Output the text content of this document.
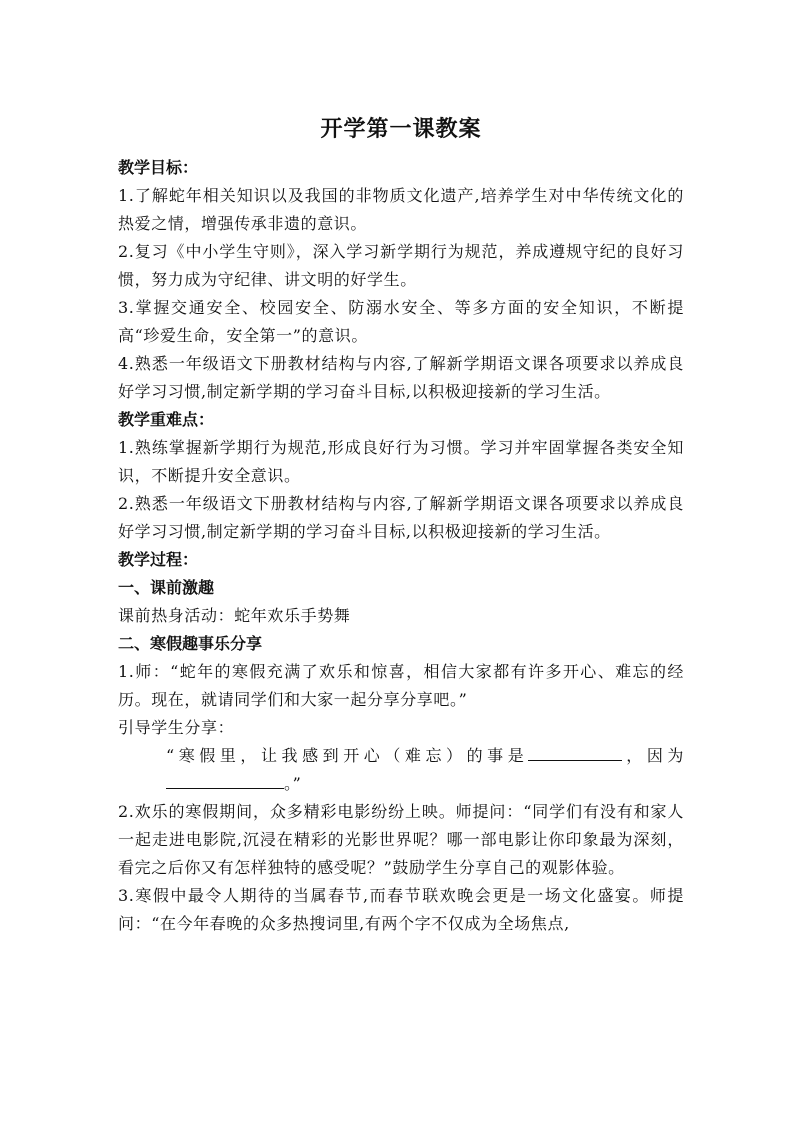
开学第一课教案
教学目标：

1.了解蛇年相关知识以及我国的非物质文化遗产,培养学生对中华传统文化的热爱之情，增强传承非遗的意识。

2.复习《中小学生守则》，深入学习新学期行为规范，养成遵规守纪的良好习惯，努力成为守纪律、讲文明的好学生。

3.掌握交通安全、校园安全、防溺水安全、等多方面的安全知识，不断提高“珍爱生命，安全第一”的意识。

4.熟悉一年级语文下册教材结构与内容,了解新学期语文课各项要求以养成良好学习习惯,制定新学期的学习奋斗目标,以积极迎接新的学习生活。

教学重难点：

1.熟练掌握新学期行为规范,形成良好行为习惯。学习并牢固掌握各类安全知识，不断提升安全意识。

2.熟悉一年级语文下册教材结构与内容,了解新学期语文课各项要求以养成良好学习习惯,制定新学期的学习奋斗目标,以积极迎接新的学习生活。

教学过程：
一、课前激趣

课前热身活动：蛇年欢乐手势舞

二、寒假趣事乐分享

1.师：“蛇年的寒假充满了欢乐和惊喜，相信大家都有许多开心、难忘的经历。现在，就请同学们和大家一起分享分享吧。”

引导学生分享：

“寒假里，让我感到开心（难忘）的事是	，因为。”

2.欢乐的寒假期间，众多精彩电影纷纷上映。师提问：“同学们有没有和家人一起走进电影院,沉浸在精彩的光影世界呢？哪一部电影让你印象最为深刻，看完之后你又有怎样独特的感受呢？”鼓励学生分享自己的观影体验。

3.寒假中最令人期待的当属春节,而春节联欢晚会更是一场文化盛宴。师提问：“在今年春晚的众多热搜词里,有两个字不仅成为全场焦点,
